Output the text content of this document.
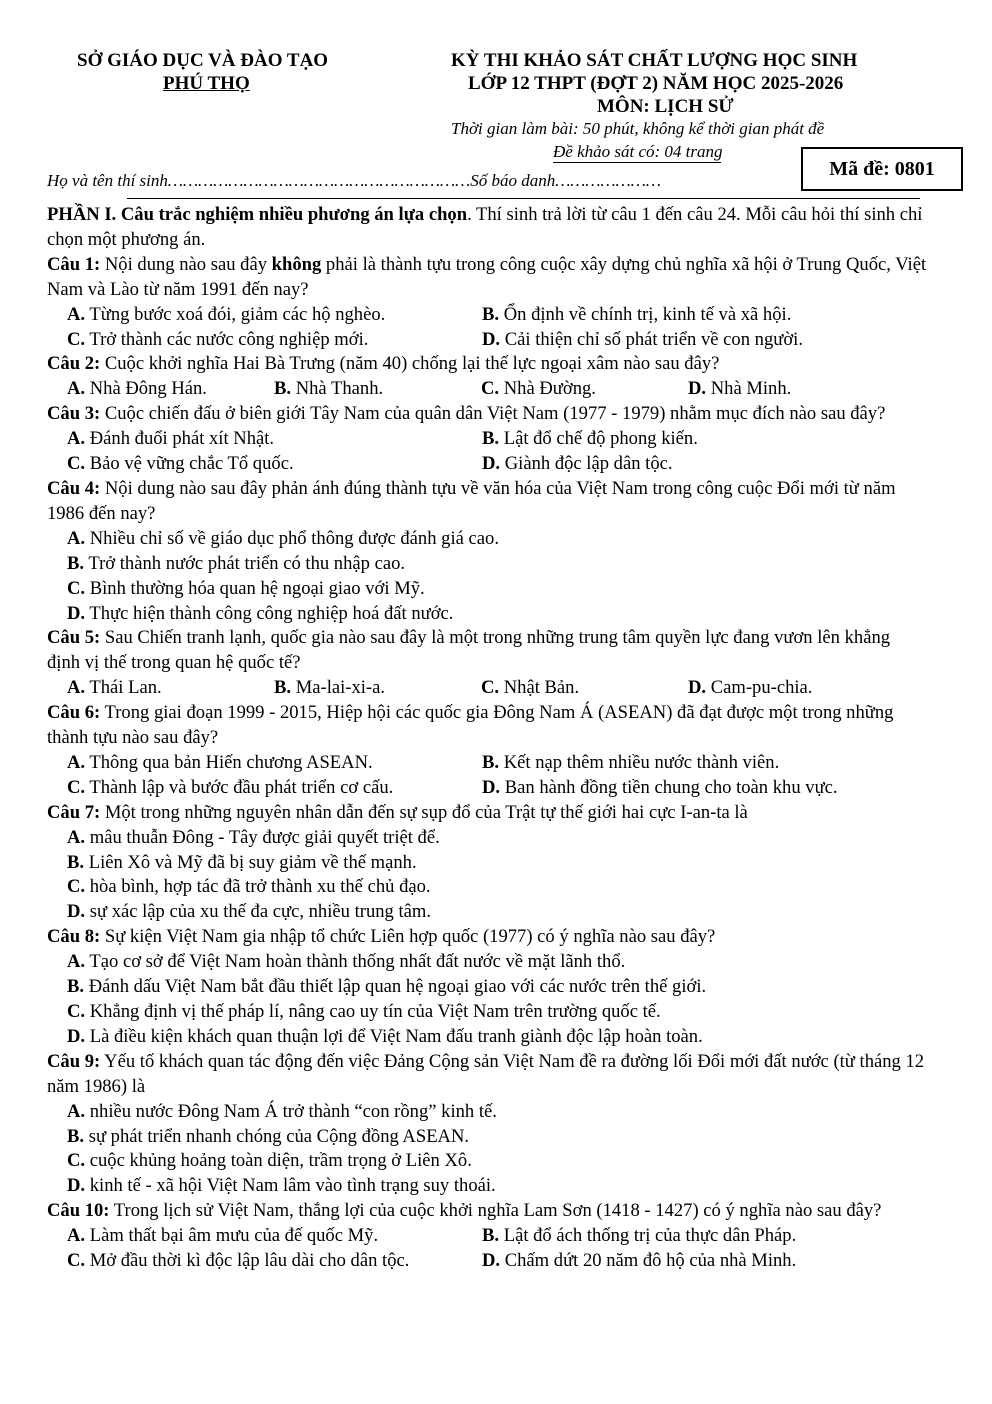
SỞ GIÁO DỤC VÀ ĐÀO TẠO
PHÚ THỌ
KỲ THI KHẢO SÁT CHẤT LƯỢNG HỌC SINH
LỚP 12 THPT (ĐỢT 2) NĂM HỌC 2025-2026
MÔN: LỊCH SỬ
Thời gian làm bài: 50 phút, không kể thời gian phát đề
Đề khảo sát có: 04 trang
Họ và tên thí sinh……………………………………………………Số báo danh…………………
Mã đề: 0801

PHẦN I. Câu trắc nghiệm nhiều phương án lựa chọn. Thí sinh trả lời từ câu 1 đến câu 24. Mỗi câu hỏi thí sinh chỉ chọn một phương án.

Câu 1: Nội dung nào sau đây không phải là thành tựu trong công cuộc xây dựng chủ nghĩa xã hội ở Trung Quốc, Việt Nam và Lào từ năm 1991 đến nay?

A. Từng bước xoá đói, giảm các hộ nghèo.	B. Ổn định về chính trị, kinh tế và xã hội.
C. Trở thành các nước công nghiệp mới.	D. Cải thiện chỉ số phát triển về con người.

Câu 2: Cuộc khởi nghĩa Hai Bà Trưng (năm 40) chống lại thế lực ngoại xâm nào sau đây?

A. Nhà Đông Hán.	B. Nhà Thanh.	C. Nhà Đường.	D. Nhà Minh.

Câu 3: Cuộc chiến đấu ở biên giới Tây Nam của quân dân Việt Nam (1977 - 1979) nhằm mục đích nào sau đây?

A. Đánh đuổi phát xít Nhật.	B. Lật đổ chế độ phong kiến.
C. Bảo vệ vững chắc Tổ quốc.	D. Giành độc lập dân tộc.

Câu 4: Nội dung nào sau đây phản ánh đúng thành tựu về văn hóa của Việt Nam trong công cuộc Đổi mới từ năm 1986 đến nay?

A. Nhiều chỉ số về giáo dục phổ thông được đánh giá cao.
B. Trở thành nước phát triển có thu nhập cao.
C. Bình thường hóa quan hệ ngoại giao với Mỹ.
D. Thực hiện thành công công nghiệp hoá đất nước.

Câu 5: Sau Chiến tranh lạnh, quốc gia nào sau đây là một trong những trung tâm quyền lực đang vươn lên khẳng định vị thế trong quan hệ quốc tế?

A. Thái Lan.	B. Ma-lai-xi-a.	C. Nhật Bản.	D. Cam-pu-chia.

Câu 6: Trong giai đoạn 1999 - 2015, Hiệp hội các quốc gia Đông Nam Á (ASEAN) đã đạt được một trong những thành tựu nào sau đây?

A. Thông qua bản Hiến chương ASEAN.	B. Kết nạp thêm nhiều nước thành viên.
C. Thành lập và bước đầu phát triển cơ cấu.	D. Ban hành đồng tiền chung cho toàn khu vực.

Câu 7: Một trong những nguyên nhân dẫn đến sự sụp đổ của Trật tự thế giới hai cực I-an-ta là

A. mâu thuẫn Đông - Tây được giải quyết triệt để.
B. Liên Xô và Mỹ đã bị suy giảm về thế mạnh.
C. hòa bình, hợp tác đã trở thành xu thế chủ đạo.
D. sự xác lập của xu thế đa cực, nhiều trung tâm.

Câu 8: Sự kiện Việt Nam gia nhập tổ chức Liên hợp quốc (1977) có ý nghĩa nào sau đây?

A. Tạo cơ sở để Việt Nam hoàn thành thống nhất đất nước về mặt lãnh thổ.
B. Đánh dấu Việt Nam bắt đầu thiết lập quan hệ ngoại giao với các nước trên thế giới.
C. Khẳng định vị thế pháp lí, nâng cao uy tín của Việt Nam trên trường quốc tế.
D. Là điều kiện khách quan thuận lợi để Việt Nam đấu tranh giành độc lập hoàn toàn.

Câu 9: Yếu tố khách quan tác động đến việc Đảng Cộng sản Việt Nam đề ra đường lối Đổi mới đất nước (từ tháng 12 năm 1986) là

A. nhiều nước Đông Nam Á trở thành “con rồng” kinh tế.
B. sự phát triển nhanh chóng của Cộng đồng ASEAN.
C. cuộc khủng hoảng toàn diện, trầm trọng ở Liên Xô.
D. kinh tế - xã hội Việt Nam lâm vào tình trạng suy thoái.

Câu 10: Trong lịch sử Việt Nam, thắng lợi của cuộc khởi nghĩa Lam Sơn (1418 - 1427) có ý nghĩa nào sau đây?

A. Làm thất bại âm mưu của đế quốc Mỹ.	B. Lật đổ ách thống trị của thực dân Pháp.
C. Mở đầu thời kì độc lập lâu dài cho dân tộc.	D. Chấm dứt 20 năm đô hộ của nhà Minh.
